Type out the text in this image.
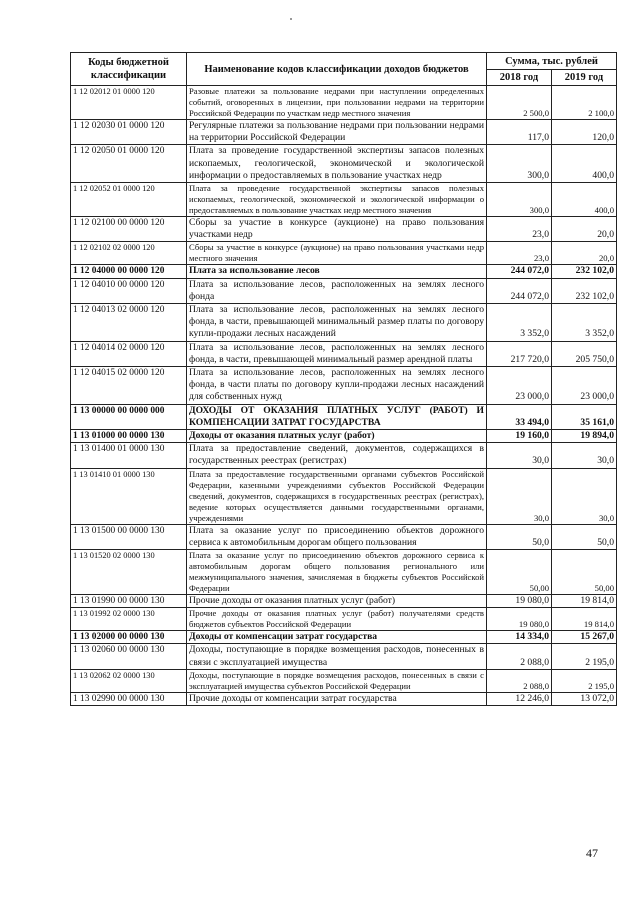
Коды бюджетной классификации	Наименование кодов классификации доходов бюджетов	Сумма, тыс. рублей	
		2018 год	2019 год
1 12 02012 01 0000 120	Разовые платежи за пользование недрами при наступлении определенных событий, оговоренных в лицензии, при пользовании недрами на территории Российской Федерации по участкам недр местного значения	2 500,0	2 100,0
1 12 02030 01 0000 120	Регулярные платежи за пользование недрами при пользовании недрами на территории Российской Федерации	117,0	120,0
1 12 02050 01 0000 120	Плата за проведение государственной экспертизы запасов полезных ископаемых, геологической, экономической и экологической информации о предоставляемых в пользование участках недр	300,0	400,0
1 12 02052 01 0000 120	Плата за проведение государственной экспертизы запасов полезных ископаемых, геологической, экономической и экологической информации о предоставляемых в пользование участках недр местного значения	300,0	400,0
1 12 02100 00 0000 120	Сборы за участие в конкурсе (аукционе) на право пользования участками недр	23,0	20,0
1 12 02102 02 0000 120	Сборы за участие в конкурсе (аукционе) на право пользования участками недр местного значения	23,0	20,0
1 12 04000 00 0000 120	Плата за использование лесов	244 072,0	232 102,0
1 12 04010 00 0000 120	Плата за использование лесов, расположенных на землях лесного фонда	244 072,0	232 102,0
1 12 04013 02 0000 120	Плата за использование лесов, расположенных на землях лесного фонда, в части, превышающей минимальный размер платы по договору купли-продажи лесных насаждений	3 352,0	3 352,0
1 12 04014 02 0000 120	Плата за использование лесов, расположенных на землях лесного фонда, в части, превышающей минимальный размер арендной платы	217 720,0	205 750,0
1 12 04015 02 0000 120	Плата за использование лесов, расположенных на землях лесного фонда, в части платы по договору купли-продажи лесных насаждений для собственных нужд	23 000,0	23 000,0
1 13 00000 00 0000 000	ДОХОДЫ ОТ ОКАЗАНИЯ ПЛАТНЫХ УСЛУГ (РАБОТ) И КОМПЕНСАЦИИ ЗАТРАТ ГОСУДАРСТВА	33 494,0	35 161,0
1 13 01000 00 0000 130	Доходы от оказания платных услуг (работ)	19 160,0	19 894,0
1 13 01400 01 0000 130	Плата за предоставление сведений, документов, содержащихся в государственных реестрах (регистрах)	30,0	30,0
1 13 01410 01 0000 130	Плата за предоставление государственными органами субъектов Российской Федерации, казенными учреждениями субъектов Российской Федерации сведений, документов, содержащихся в государственных реестрах (регистрах), ведение которых осуществляется данными государственными органами, учреждениями	30,0	30,0
1 13 01500 00 0000 130	Плата за оказание услуг по присоединению объектов дорожного сервиса к автомобильным дорогам общего пользования	50,0	50,0
1 13 01520 02 0000 130	Плата за оказание услуг по присоединению объектов дорожного сервиса к автомобильным дорогам общего пользования регионального или межмуниципального значения, зачисляемая в бюджеты субъектов Российской Федерации	50,00	50,00
1 13 01990 00 0000 130	Прочие доходы от оказания платных услуг (работ)	19 080,0	19 814,0
1 13 01992 02 0000 130	Прочие доходы от оказания платных услуг (работ) получателями средств бюджетов субъектов Российской Федерации	19 080,0	19 814,0
1 13 02000 00 0000 130	Доходы от компенсации затрат государства	14 334,0	15 267,0
1 13 02060 00 0000 130	Доходы, поступающие в порядке возмещения расходов, понесенных в связи с эксплуатацией имущества	2 088,0	2 195,0
1 13 02062 02 0000 130	Доходы, поступающие в порядке возмещения расходов, понесенных в связи с эксплуатацией имущества субъектов Российской Федерации	2 088,0	2 195,0
1 13 02990 00 0000 130	Прочие доходы от компенсации затрат государства	12 246,0	13 072,0
47
